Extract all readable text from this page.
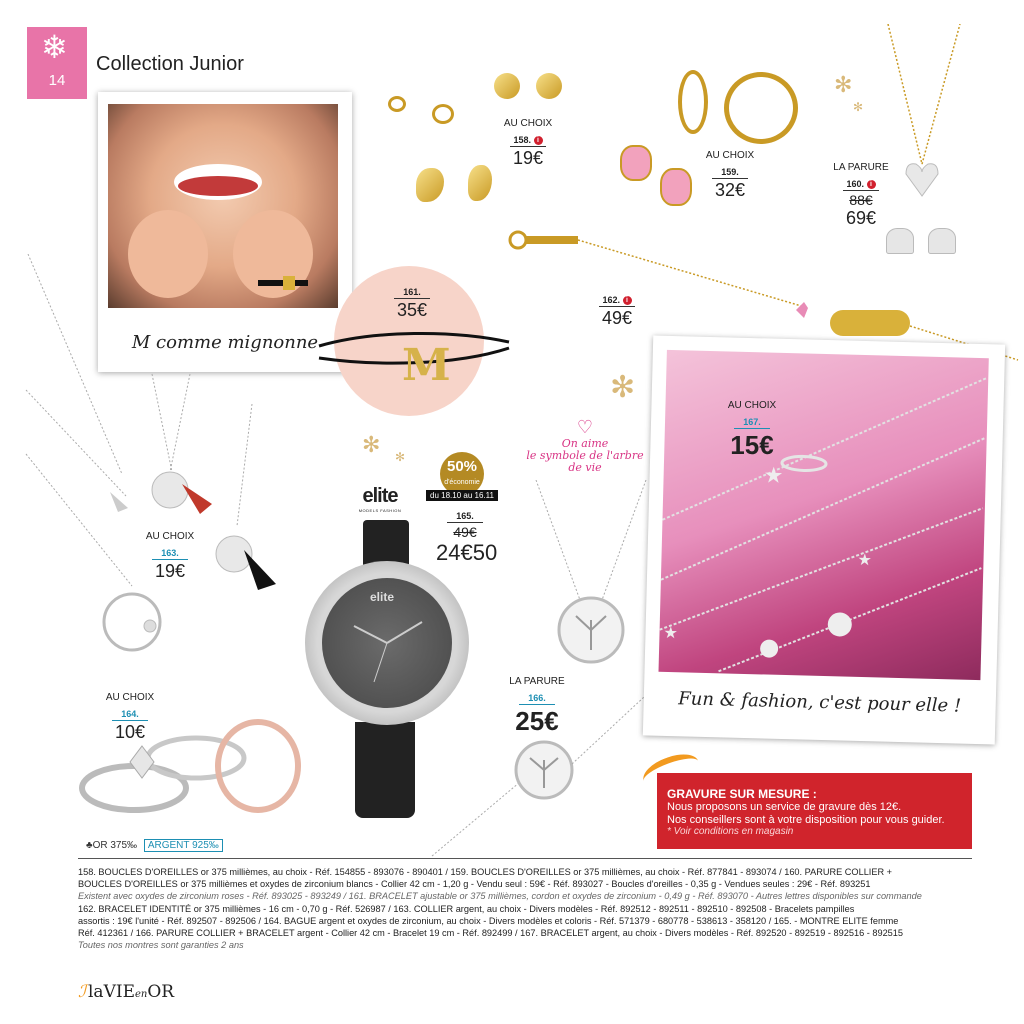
❄
14
Collection Junior
✻
✻
✻
✻ ✻
M comme mignonne	M
161.
35€
AU CHOIX
158. i
19€	AU CHOIX
159.
32€
LA PARURE
160. i
88€
69€
162. i
49€
AU CHOIX
163.
19€
AU CHOIX
164.
10€
elite
MODELS FASHION
50%
d'économie
du 18.10 au 16.11
elite
165.
49€
24€50
♡
On aime
le symbole de l'arbre
de vie
LA PARURE
166.
25€
★
★
★
Fun & fashion, c'est pour elle !
AU CHOIX
167.
15€
GRAVURE SUR MESURE :
Nous proposons un service de gravure dès 12€.
Nos conseillers sont à votre disposition pour vous guider.
* Voir conditions en magasin
♣OR 375‰ ARGENT 925‰
158. BOUCLES D'OREILLES or 375 millièmes, au choix - Réf. 154855 - 893076 - 890401 / 159. BOUCLES D'OREILLES or 375 millièmes, au choix - Réf. 877841 - 893074 / 160. PARURE COLLIER +
BOUCLES D'OREILLES or 375 millièmes et oxydes de zirconium blancs - Collier 42 cm - 1,20 g - Vendu seul : 59€ - Réf. 893027 - Boucles d'oreilles - 0,35 g - Vendues seules : 29€ - Réf. 893251
Existent avec oxydes de zirconium roses - Réf. 893025 - 893249 / 161. BRACELET ajustable or 375 millièmes, cordon et oxydes de zirconium - 0,49 g - Réf. 893070 - Autres lettres disponibles sur commande
162. BRACELET IDENTITÉ or 375 millièmes - 16 cm - 0,70 g - Réf. 526987 / 163. COLLIER argent, au choix - Divers modèles - Réf. 892512 - 892511 - 892510 - 892508 - Bracelets pampilles
assortis : 19€ l'unité - Réf. 892507 - 892506 / 164. BAGUE argent et oxydes de zirconium, au choix - Divers modèles et coloris - Réf. 571379 - 680778 - 538613 - 358120 / 165. - MONTRE ELITE femme
Réf. 412361 / 166. PARURE COLLIER + BRACELET argent - Collier 42 cm - Bracelet 19 cm - Réf. 892499 / 167. BRACELET argent, au choix - Divers modèles - Réf. 892520 - 892519 - 892516 - 892515
Toutes nos montres sont garanties 2 ans
ℐ laVIEenOR
